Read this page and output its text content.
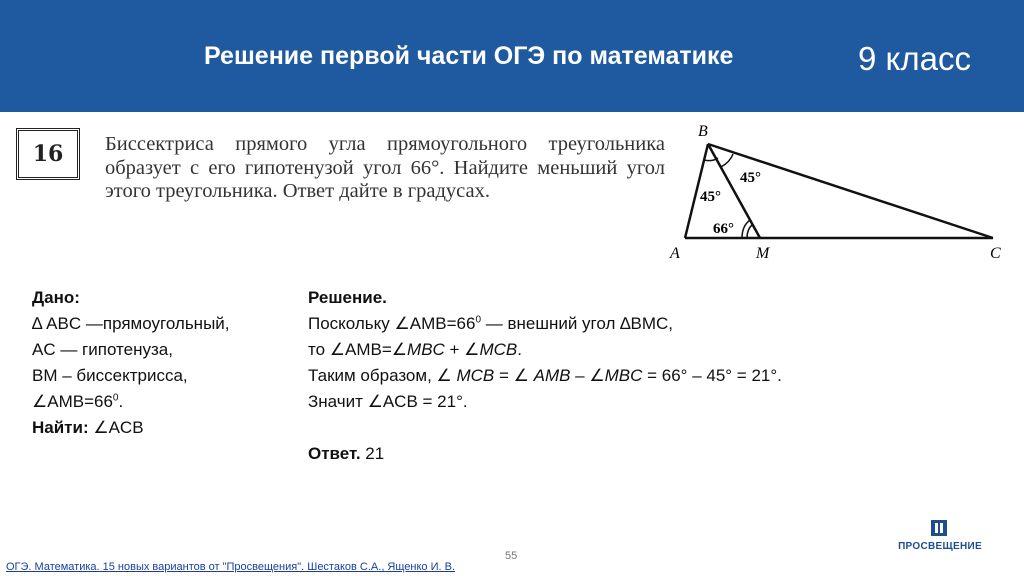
Решение первой части ОГЭ по математике	9 класс
16	Биссектриса прямого угла прямоугольного треугольника образует с его гипотенузой угол 66°. Найдите меньший угол этого треугольника. Ответ дайте в градусах.
B
A	M	C
45°
45°
66°
Дано:
∆ ABC —прямоугольный,
AC — гипотенуза,
BM – биссектрисса,
$\angle AMB=66^0$.
Найти: ∠ACB
Решение.
Поскольку $\angle AMB=66^0$ — внешний угол ∆BMC,
то ∠AMB=∠MBC + ∠MCB.
Таким образом, ∠ MCB = ∠ AMB – ∠MBC = 66° – 45° = 21°.
Значит ∠ACB = 21°.

Ответ. 21
55
ОГЭ. Математика. 15 новых вариантов от "Просвещения". Шестаков С.А., Ященко И. В.
ПРОСВЕЩЕНИЕ
